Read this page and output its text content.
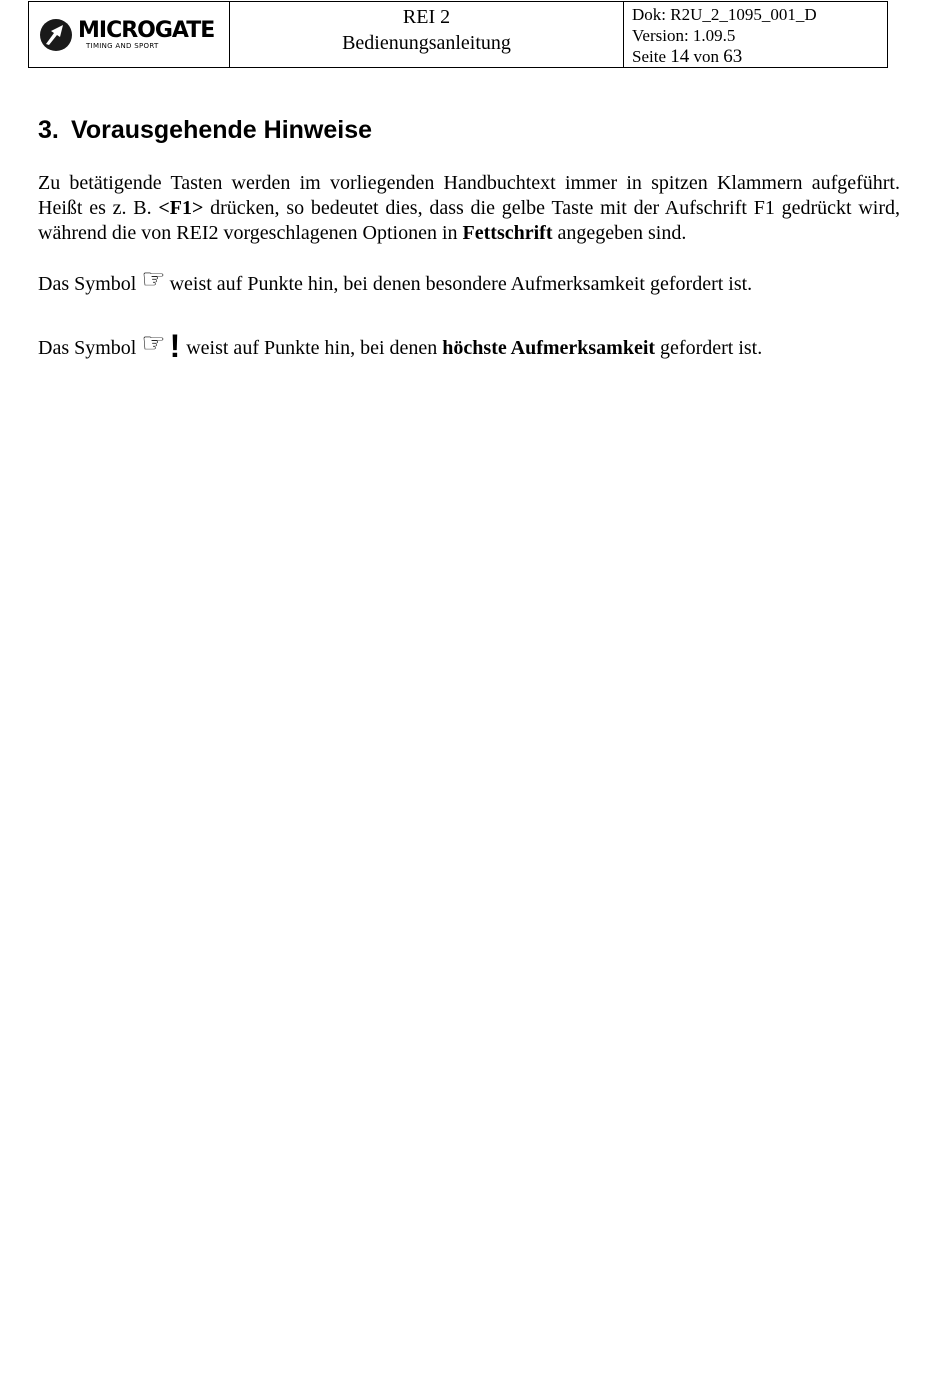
MICROGATE
TIMING AND SPORT
REI 2
Bedienungsanleitung
Dok: R2U_2_1095_001_D
Version: 1.09.5
Seite 14 von 63
3. Vorausgehende Hinweise

Zu betätigende Tasten werden im vorliegenden Handbuchtext immer in spitzen Klammern aufgeführt. Heißt es z. B. <F1> drücken, so bedeutet dies, dass die gelbe Taste mit der Aufschrift F1 gedrückt wird, während die von REI2 vorgeschlagenen Optionen in Fettschrift angegeben sind.

Das Symbol ☞ weist auf Punkte hin, bei denen besondere Aufmerksamkeit gefordert ist.

Das Symbol ☞ ! weist auf Punkte hin, bei denen höchste Aufmerksamkeit gefordert ist.
